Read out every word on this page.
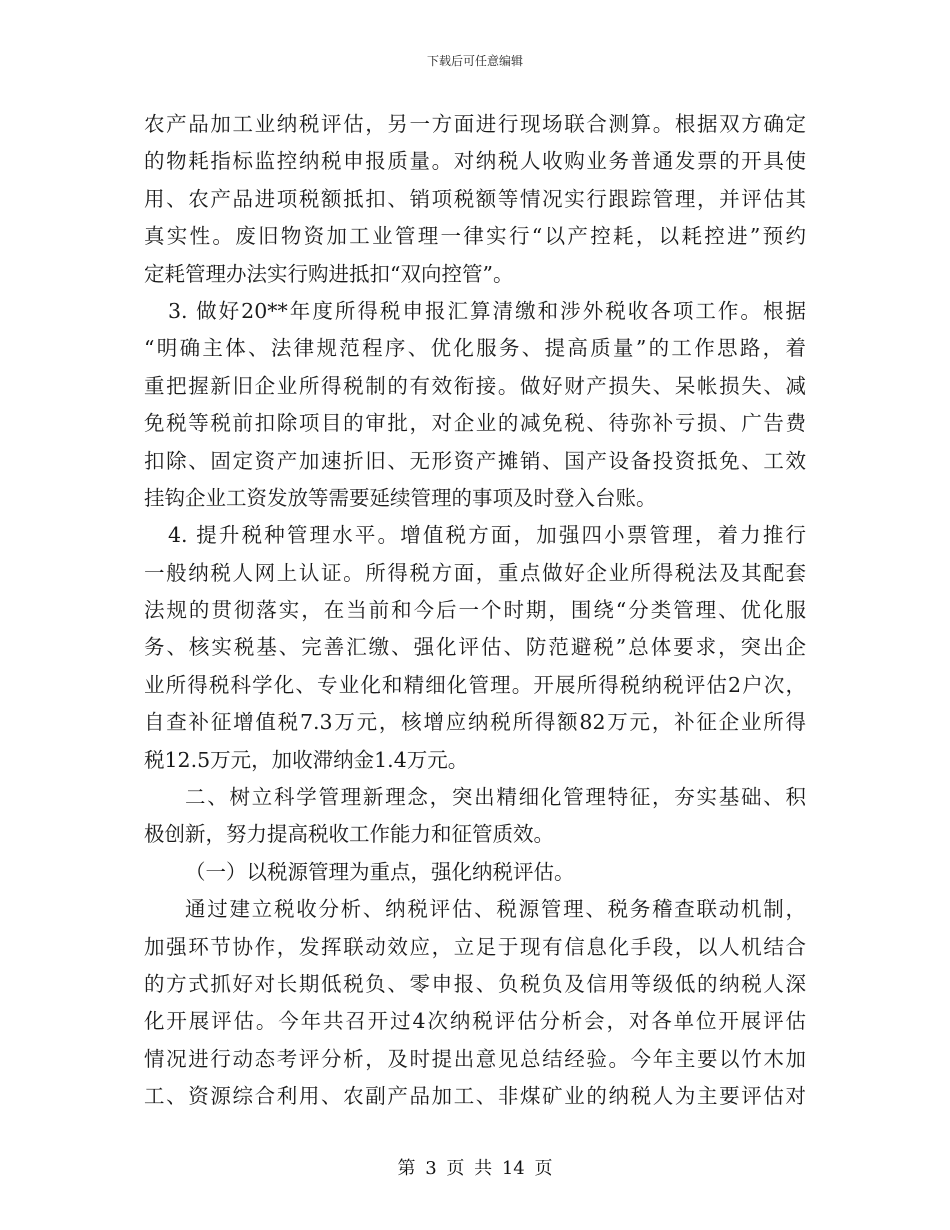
下载后可任意编辑
农产品加工业纳税评估，另一方面进行现场联合测算。根据双方确定
的物耗指标监控纳税申报质量。对纳税人收购业务普通发票的开具使
用、农产品进项税额抵扣、销项税额等情况实行跟踪管理，并评估其
真实性。废旧物资加工业管理一律实行“以产控耗，以耗控进”预约
定耗管理办法实行购进抵扣“双向控管”。
3. 做好20**年度所得税申报汇算清缴和涉外税收各项工作。根据
“明确主体、法律规范程序、优化服务、提高质量”的工作思路，着
重把握新旧企业所得税制的有效衔接。做好财产损失、呆帐损失、减
免税等税前扣除项目的审批，对企业的减免税、待弥补亏损、广告费
扣除、固定资产加速折旧、无形资产摊销、国产设备投资抵免、工效
挂钩企业工资发放等需要延续管理的事项及时登入台账。
4. 提升税种管理水平。增值税方面，加强四小票管理，着力推行
一般纳税人网上认证。所得税方面，重点做好企业所得税法及其配套
法规的贯彻落实，在当前和今后一个时期，围绕“分类管理、优化服
务、核实税基、完善汇缴、强化评估、防范避税”总体要求，突出企
业所得税科学化、专业化和精细化管理。开展所得税纳税评估2户次，
自查补征增值税7.3万元，核增应纳税所得额82万元，补征企业所得
税12.5万元，加收滞纳金1.4万元。
二、树立科学管理新理念，突出精细化管理特征，夯实基础、积
极创新，努力提高税收工作能力和征管质效。
（一）以税源管理为重点，强化纳税评估。
通过建立税收分析、纳税评估、税源管理、税务稽查联动机制，
加强环节协作，发挥联动效应，立足于现有信息化手段，以人机结合
的方式抓好对长期低税负、零申报、负税负及信用等级低的纳税人深
化开展评估。今年共召开过4次纳税评估分析会，对各单位开展评估
情况进行动态考评分析，及时提出意见总结经验。今年主要以竹木加
工、资源综合利用、农副产品加工、非煤矿业的纳税人为主要评估对
第 3 页 共 14 页
